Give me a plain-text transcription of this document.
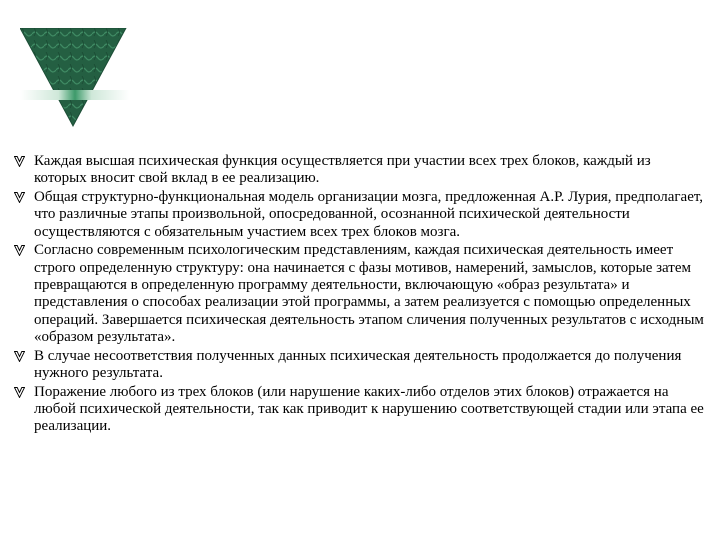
Каждая высшая психическая функция осуществляется при участии всех трех блоков, каждый из которых вносит свой вклад в ее реализацию.
Общая структурно-функциональная модель организации мозга, предложенная А.Р. Лурия, предполагает, что различные этапы произвольной, опосредованной, осознанной психической деятельности осуществляются с обязательным участием всех трех блоков мозга.
Согласно современным психологическим представлениям, каждая психическая деятельность имеет строго определенную структуру: она начинается с фазы мотивов, намерений, замыслов, которые затем превращаются в определенную программу деятельности, включающую «образ результата» и представления о способах реализации этой программы, а затем реализуется с помощью определенных операций. Завершается психическая деятельность этапом сличения полученных результатов с исходным «образом результата».
В случае несоответствия полученных данных психическая деятельность продолжается до получения нужного результата.
Поражение любого из трех блоков (или нарушение каких-либо отделов этих блоков) отражается на любой психической деятельности, так как приводит к нарушению соответствующей стадии или этапа ее реализации.
